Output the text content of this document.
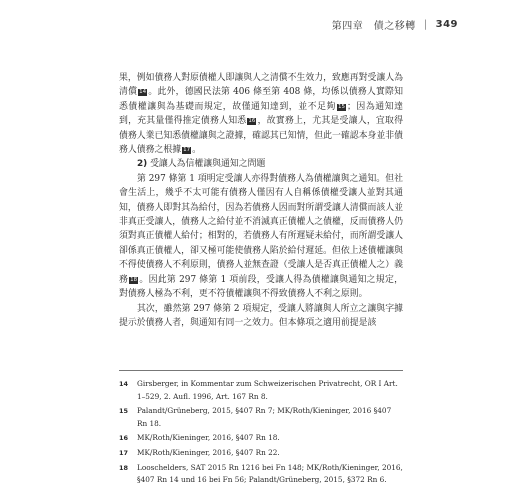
第四章　債之移轉 | 349

果，例如債務人對原債權人即讓與人之清償不生效力，致應再對受讓人為清償 14 。此外，德國民法第 406 條至第 408 條，均係以債務人實際知悉債權讓與為基礎而規定，故僅通知達到，並不足夠 15 ；因為通知達到，充其量僅得推定債務人知悉 16 ，故實務上，尤其是受讓人，宜取得債務人業已知悉債權讓與之證據，確認其已知情，但此一確認本身並非債務人債務之根據 17 。

2) 受讓人為信權讓與通知之問題

第 297 條第 1 項明定受讓人亦得對債務人為債權讓與之通知。但社會生活上，幾乎不太可能有債務人僅因有人自稱係債權受讓人並對其通知，債務人即對其為給付，因為若債務人因而對所謂受讓人清償而該人並非真正受讓人，債務人之給付並不消滅真正債權人之債權，反而債務人仍須對真正債權人給付；相對的，若債務人有所遲疑未給付，而所謂受讓人卻係真正債權人，卻又極可能使債務人陷於給付遲延。但依上述債權讓與不得使債務人不利原則，債務人並無查證（受讓人是否真正債權人之）義務 18 。因此第 297 條第 1 項前段，受讓人得為債權讓與通知之規定，對債務人極為不利，更不符債權讓與不得致債務人不利之原則。

其次，雖然第 297 條第 2 項規定，受讓人將讓與人所立之讓與字據提示於債務人者，與通知有同一之效力。但本條項之適用前提是該

14	Girsberger, in Kommentar zum Schweizerischen Privatrecht, OR I Art. 1–529, 2. Aufl. 1996, Art. 167 Rn 8.
15	Palandt/Grüneberg, 2015, §407 Rn 7; MK/Roth/Kieninger, 2016 §407 Rn 18.
16	MK/Roth/Kieninger, 2016, §407 Rn 18.
17	MK/Roth/Kieninger, 2016, §407 Rn 22.
18	Looschelders, SAT 2015 Rn 1216 bei Fn 148; MK/Roth/Kieninger, 2016, §407 Rn 14 und 16 bei Fn 56; Palandt/Grüneberg, 2015, §372 Rn 6.
